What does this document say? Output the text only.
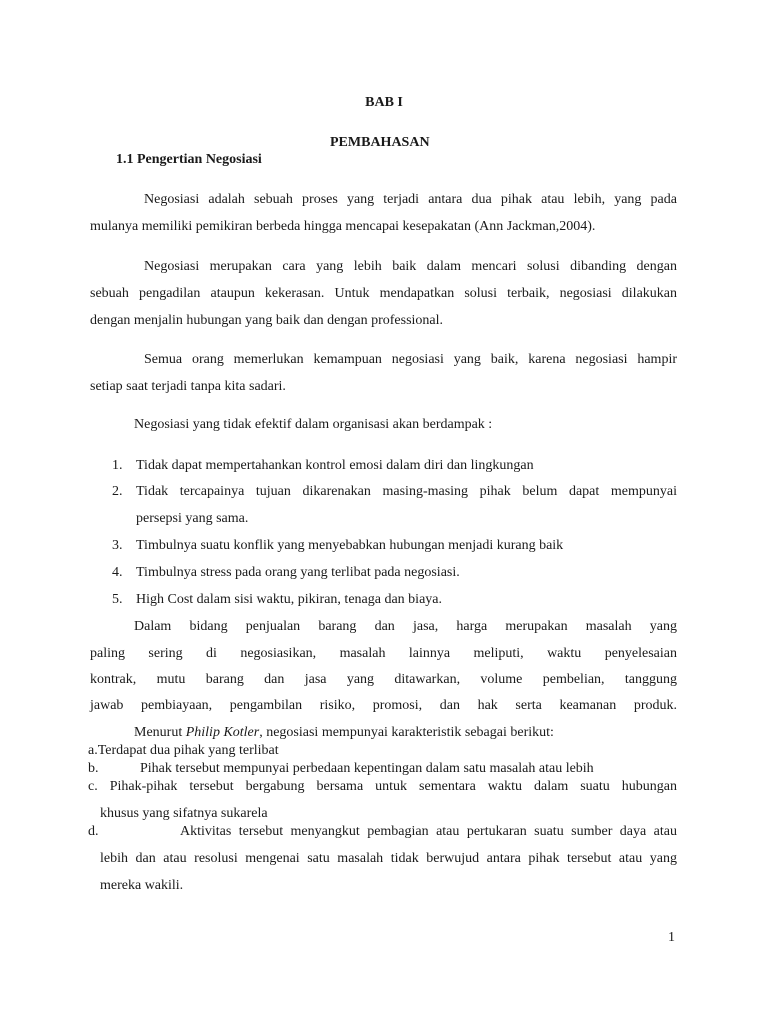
BAB I
PEMBAHASAN
1.1 Pengertian Negosiasi
Negosiasi adalah sebuah proses yang terjadi antara dua pihak atau lebih, yang pada
mulanya memiliki pemikiran berbeda hingga mencapai kesepakatan (Ann Jackman,2004).
Negosiasi merupakan cara yang lebih baik dalam mencari solusi dibanding dengan
sebuah pengadilan ataupun kekerasan. Untuk mendapatkan solusi terbaik, negosiasi dilakukan
dengan menjalin hubungan yang baik dan dengan professional.
Semua orang memerlukan kemampuan negosiasi yang baik, karena negosiasi hampir
setiap saat terjadi tanpa kita sadari.
Negosiasi yang tidak efektif dalam organisasi akan berdampak :
1. Tidak dapat mempertahankan kontrol emosi dalam diri dan lingkungan
2. Tidak tercapainya tujuan dikarenakan masing-masing pihak belum dapat mempunyai
persepsi yang sama.
3. Timbulnya suatu konflik yang menyebabkan hubungan menjadi kurang baik
4. Timbulnya stress pada orang yang terlibat pada negosiasi.
5. High Cost dalam sisi waktu, pikiran, tenaga dan biaya.
Dalam bidang penjualan barang dan jasa, harga merupakan masalah yang
paling sering di negosiasikan, masalah lainnya meliputi, waktu penyelesaian
kontrak, mutu barang dan jasa yang ditawarkan, volume pembelian, tanggung
jawab pembiayaan, pengambilan risiko, promosi, dan hak serta keamanan produk.
Menurut Philip Kotler, negosiasi mempunyai karakteristik sebagai berikut:
a.Terdapat dua pihak yang terlibat
b.	Pihak tersebut mempunyai perbedaan kepentingan dalam satu masalah atau lebih
c. Pihak-pihak tersebut bergabung bersama untuk sementara waktu dalam suatu hubungan
khusus yang sifatnya sukarela
d.	Aktivitas tersebut menyangkut pembagian atau pertukaran suatu sumber daya atau
lebih dan atau resolusi mengenai satu masalah tidak berwujud antara pihak tersebut atau yang
mereka wakili.
1
